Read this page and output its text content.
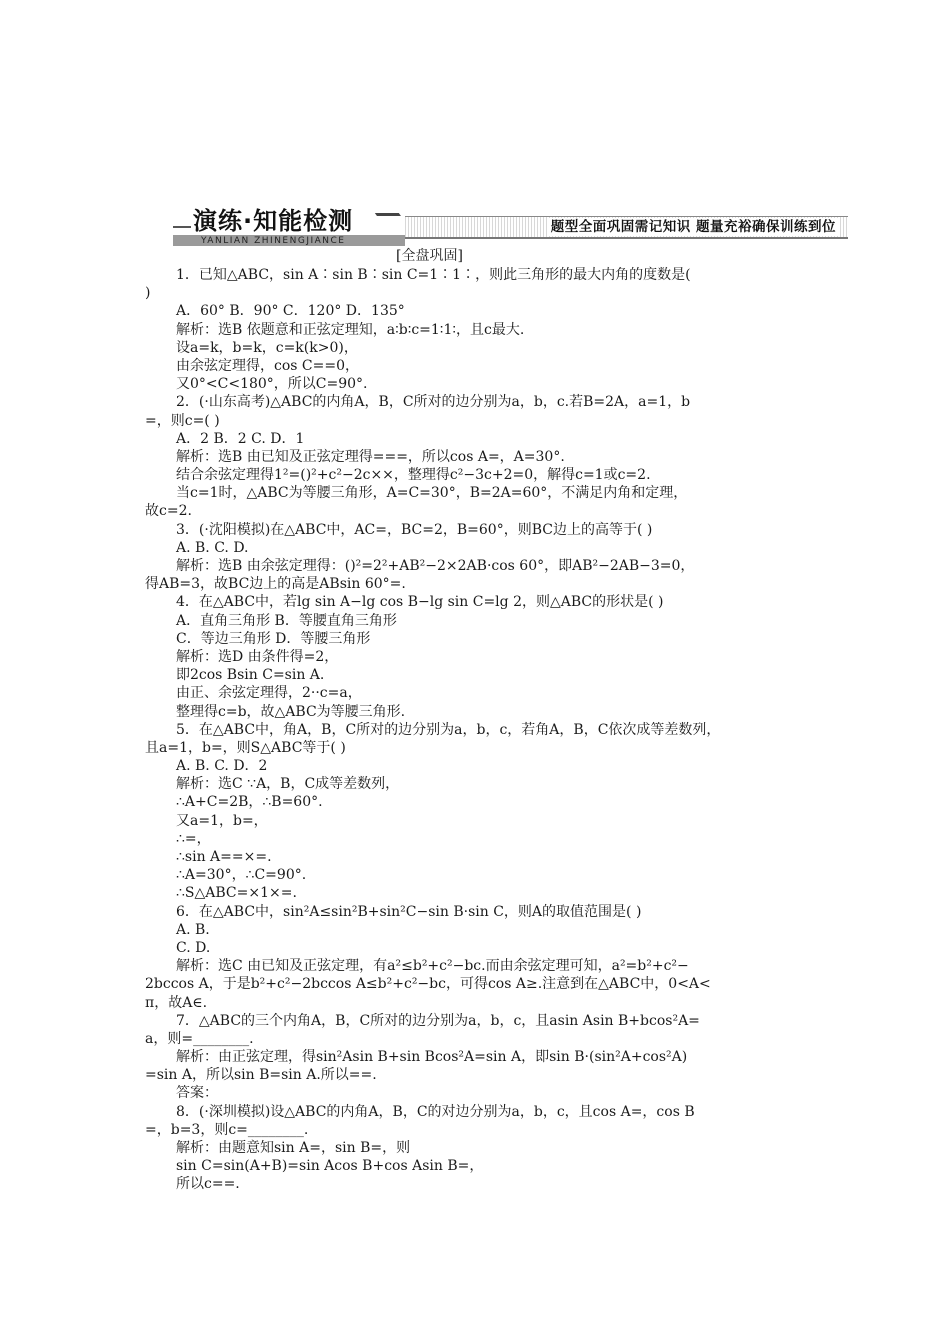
演练·知能检测
YANLIAN ZHINENGJIANCE
题型全面巩固需记知识 题量充裕确保训练到位
[全盘巩固]
1．已知△ABC，sin A∶sin B∶sin C=1∶1∶，则此三角形的最大内角的度数是(
)
A．60° B．90° C．120° D．135°
解析：选B 依题意和正弦定理知，a∶b∶c=1∶1∶，且c最大.
设a=k，b=k，c=k(k>0)，
由余弦定理得，cos C==0，
又0°<C<180°，所以C=90°.
2．(·山东高考)△ABC的内角A，B，C所对的边分别为a，b，c.若B=2A，a=1，b
=，则c=( )
A．2 B．2 C. D．1
解析：选B 由已知及正弦定理得===，所以cos A=，A=30°.
结合余弦定理得1²=()²+c²−2c××，整理得c²−3c+2=0，解得c=1或c=2.
当c=1时，△ABC为等腰三角形，A=C=30°，B=2A=60°，不满足内角和定理，
故c=2.
3．(·沈阳模拟)在△ABC中，AC=，BC=2，B=60°，则BC边上的高等于( )
A. B. C. D.
解析：选B 由余弦定理得：()²=2²+AB²−2×2AB·cos 60°，即AB²−2AB−3=0，
得AB=3，故BC边上的高是ABsin 60°=.
4．在△ABC中，若lg sin A−lg cos B−lg sin C=lg 2，则△ABC的形状是( )
A．直角三角形 B．等腰直角三角形
C．等边三角形 D．等腰三角形
解析：选D 由条件得=2，
即2cos Bsin C=sin A.
由正、余弦定理得，2··c=a，
整理得c=b，故△ABC为等腰三角形.
5．在△ABC中，角A，B，C所对的边分别为a，b，c，若角A，B，C依次成等差数列，
且a=1，b=，则S△ABC等于( )
A. B. C. D．2
解析：选C ∵A，B，C成等差数列，
∴A+C=2B，∴B=60°.
又a=1，b=，
∴=，
∴sin A==×=.
∴A=30°，∴C=90°.
∴S△ABC=×1×=.
6．在△ABC中，sin²A≤sin²B+sin²C−sin B·sin C，则A的取值范围是( )
A. B.
C. D.
解析：选C 由已知及正弦定理，有a²≤b²+c²−bc.而由余弦定理可知，a²=b²+c²−
2bccos A，于是b²+c²−2bccos A≤b²+c²−bc，可得cos A≥.注意到在△ABC中，0<A<
π，故A∈.
7．△ABC的三个内角A，B，C所对的边分别为a，b，c，且asin Asin B+bcos²A=
a，则=________.
解析：由正弦定理，得sin²Asin B+sin Bcos²A=sin A，即sin B·(sin²A+cos²A)
=sin A，所以sin B=sin A.所以==.
答案：
8．(·深圳模拟)设△ABC的内角A，B，C的对边分别为a，b，c，且cos A=，cos B
=，b=3，则c=________.
解析：由题意知sin A=，sin B=，则
sin C=sin(A+B)=sin Acos B+cos Asin B=，
所以c==.
